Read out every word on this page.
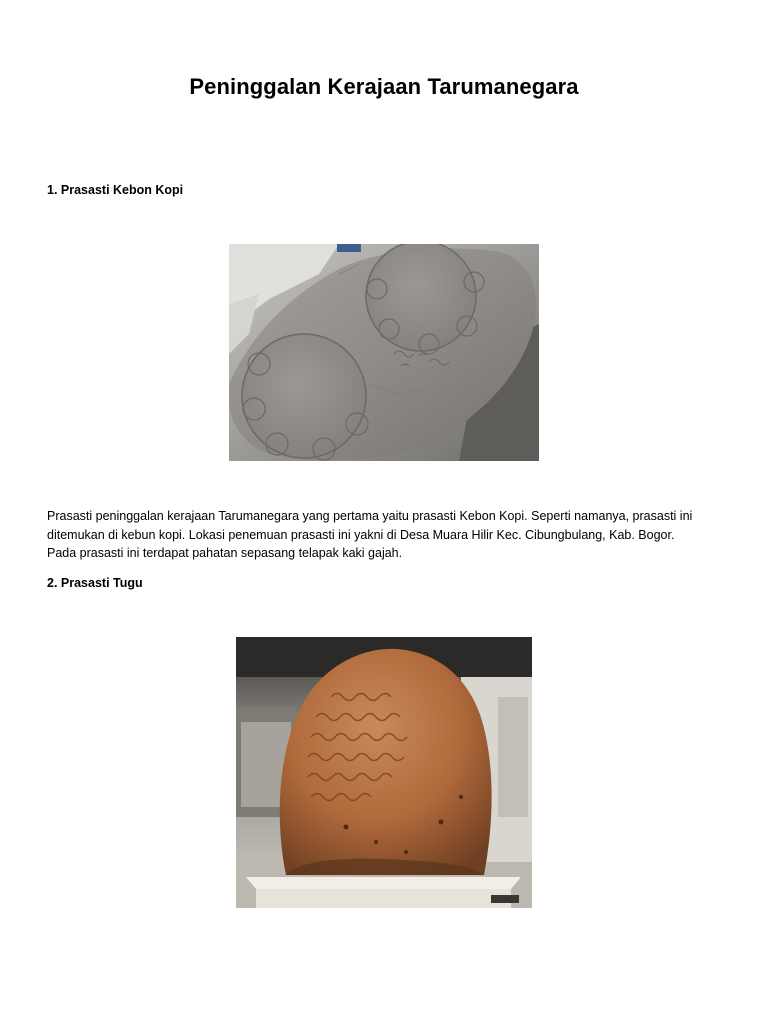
Peninggalan Kerajaan Tarumanegara
1. Prasasti Kebon Kopi
Prasasti peninggalan kerajaan Tarumanegara yang pertama yaitu prasasti Kebon Kopi. Seperti namanya, prasasti ini
ditemukan di kebun kopi. Lokasi penemuan prasasti ini yakni di Desa Muara Hilir Kec. Cibungbulang, Kab. Bogor.
Pada prasasti ini terdapat pahatan sepasang telapak kaki gajah.
2. Prasasti Tugu
